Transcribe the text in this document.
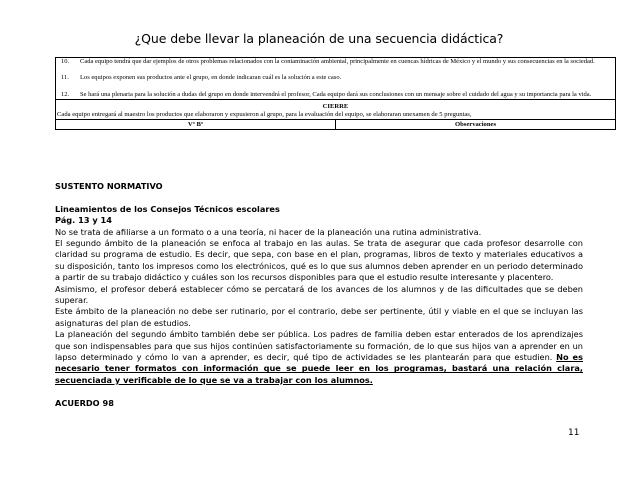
¿Que debe llevar la planeación de una secuencia didáctica?
10. Cada equipo tendrá que dar ejemplos de otros problemas relacionados con la contaminación ambiental, principalmente en cuencas hídricas de México y el mundo y sus consecuencias en la sociedad.
11. Los equipos exponen sus productos ante el grupo, en donde indicaran cuál es la solución a este caso.
12. Se hará una plenaria para la solución a dudas del grupo en donde intervendrá el profesor, Cada equipo dará sus conclusiones con un mensaje sobre el cuidado del agua y su importancia para la vida.

CIERRE
Cada equipo entregará al maestro los productos que elaboraron y expusieron al grupo, para la evaluación del equipo, se elaboraran unexamen de 5 preguntas,
Vº Bº	Observaciones

SUSTENTO NORMATIVO

Lineamientos de los Consejos Técnicos escolares

Pág. 13 y 14

No se trata de afiliarse a un formato o a una teoría, ni hacer de la planeación una rutina administrativa.

El segundo ámbito de la planeación se enfoca al trabajo en las aulas. Se trata de asegurar que cada profesor desarrolle con claridad su programa de estudio. Es decir, que sepa, con base en el plan, programas, libros de texto y materiales educativos a su disposición, tanto los impresos como los electrónicos, qué es lo que sus alumnos deben aprender en un periodo determinado a partir de su trabajo didáctico y cuáles son los recursos disponibles para que el estudio resulte interesante y placentero.

Asimismo, el profesor deberá establecer cómo se percatará de los avances de los alumnos y de las dificultades que se deben superar.

Este ámbito de la planeación no debe ser rutinario, por el contrario, debe ser pertinente, útil y viable en el que se incluyan las asignaturas del plan de estudios.

La planeación del segundo ámbito también debe ser pública. Los padres de familia deben estar enterados de los aprendizajes que son indispensables para que sus hijos continúen satisfactoriamente su formación, de lo que sus hijos van a aprender en un lapso determinado y cómo lo van a aprender, es decir, qué tipo de actividades se les plantearán para que estudien. No es necesario tener formatos con información que se puede leer en los programas, bastará una relación clara, secuenciada y verificable de lo que se va a trabajar con los alumnos.

ACUERDO 98

11
